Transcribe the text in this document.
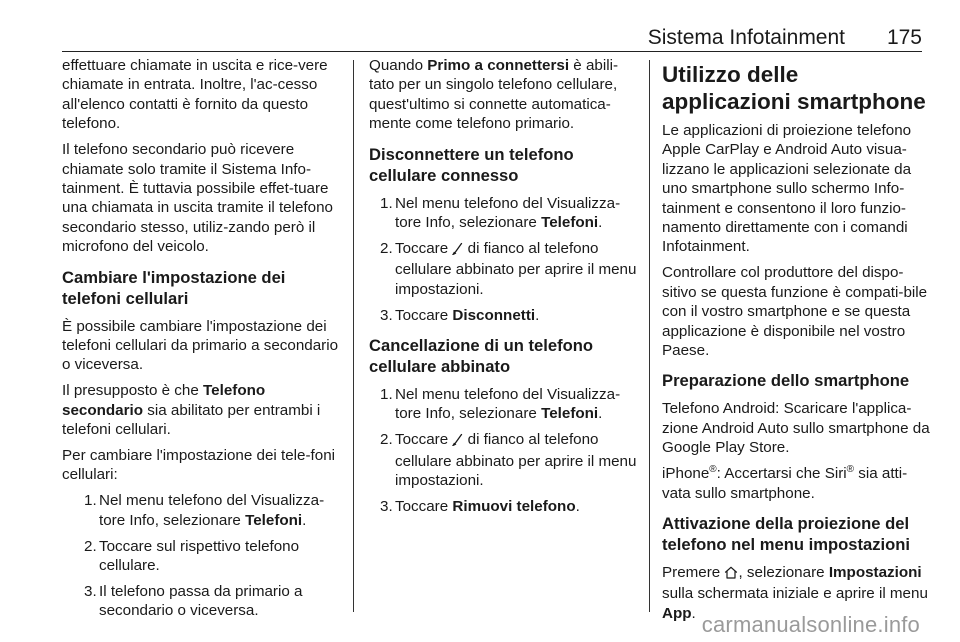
Sistema Infotainment 175

effettuare chiamate in uscita e rice-vere chiamate in entrata. Inoltre, l'ac-cesso all'elenco contatti è fornito da questo telefono.

Il telefono secondario può ricevere chiamate solo tramite il Sistema Info-tainment. È tuttavia possibile effet-tuare una chiamata in uscita tramite il telefono secondario stesso, utiliz-zando però il microfono del veicolo.

Cambiare l'impostazione dei telefoni cellulari

È possibile cambiare l'impostazione dei telefoni cellulari da primario a secondario o viceversa.

Il presupposto è che Telefono secondario sia abilitato per entrambi i telefoni cellulari.

Per cambiare l'impostazione dei tele-foni cellulari:

1. Nel menu telefono del Visualizza-tore Info, selezionare Telefoni.
2. Toccare sul rispettivo telefono cellulare.
3. Il telefono passa da primario a secondario o viceversa.

Quando Primo a connettersi è abili-tato per un singolo telefono cellulare, quest'ultimo si connette automatica-mente come telefono primario.

Disconnettere un telefono cellulare connesso
1. Nel menu telefono del Visualizza-tore Info, selezionare Telefoni.
2. Toccare  di fianco al telefono cellulare abbinato per aprire il menu impostazioni.
3. Toccare Disconnetti.
Cancellazione di un telefono cellulare abbinato
1. Nel menu telefono del Visualizza-tore Info, selezionare Telefoni.
2. Toccare  di fianco al telefono cellulare abbinato per aprire il menu impostazioni.
3. Toccare Rimuovi telefono.
Utilizzo delle applicazioni smartphone

Le applicazioni di proiezione telefono Apple CarPlay e Android Auto visua-lizzano le applicazioni selezionate da uno smartphone sullo schermo Info-tainment e consentono il loro funzio-namento direttamente con i comandi Infotainment.

Controllare col produttore del dispo-sitivo se questa funzione è compati-bile con il vostro smartphone e se questa applicazione è disponibile nel vostro Paese.

Preparazione dello smartphone

Telefono Android: Scaricare l'applica-zione Android Auto sullo smartphone da Google Play Store.

iPhone®: Accertarsi che Siri® sia atti-vata sullo smartphone.

Attivazione della proiezione del telefono nel menu impostazioni

Premere , selezionare Impostazioni sulla schermata iniziale e aprire il menu App. carmanualsonline.info
